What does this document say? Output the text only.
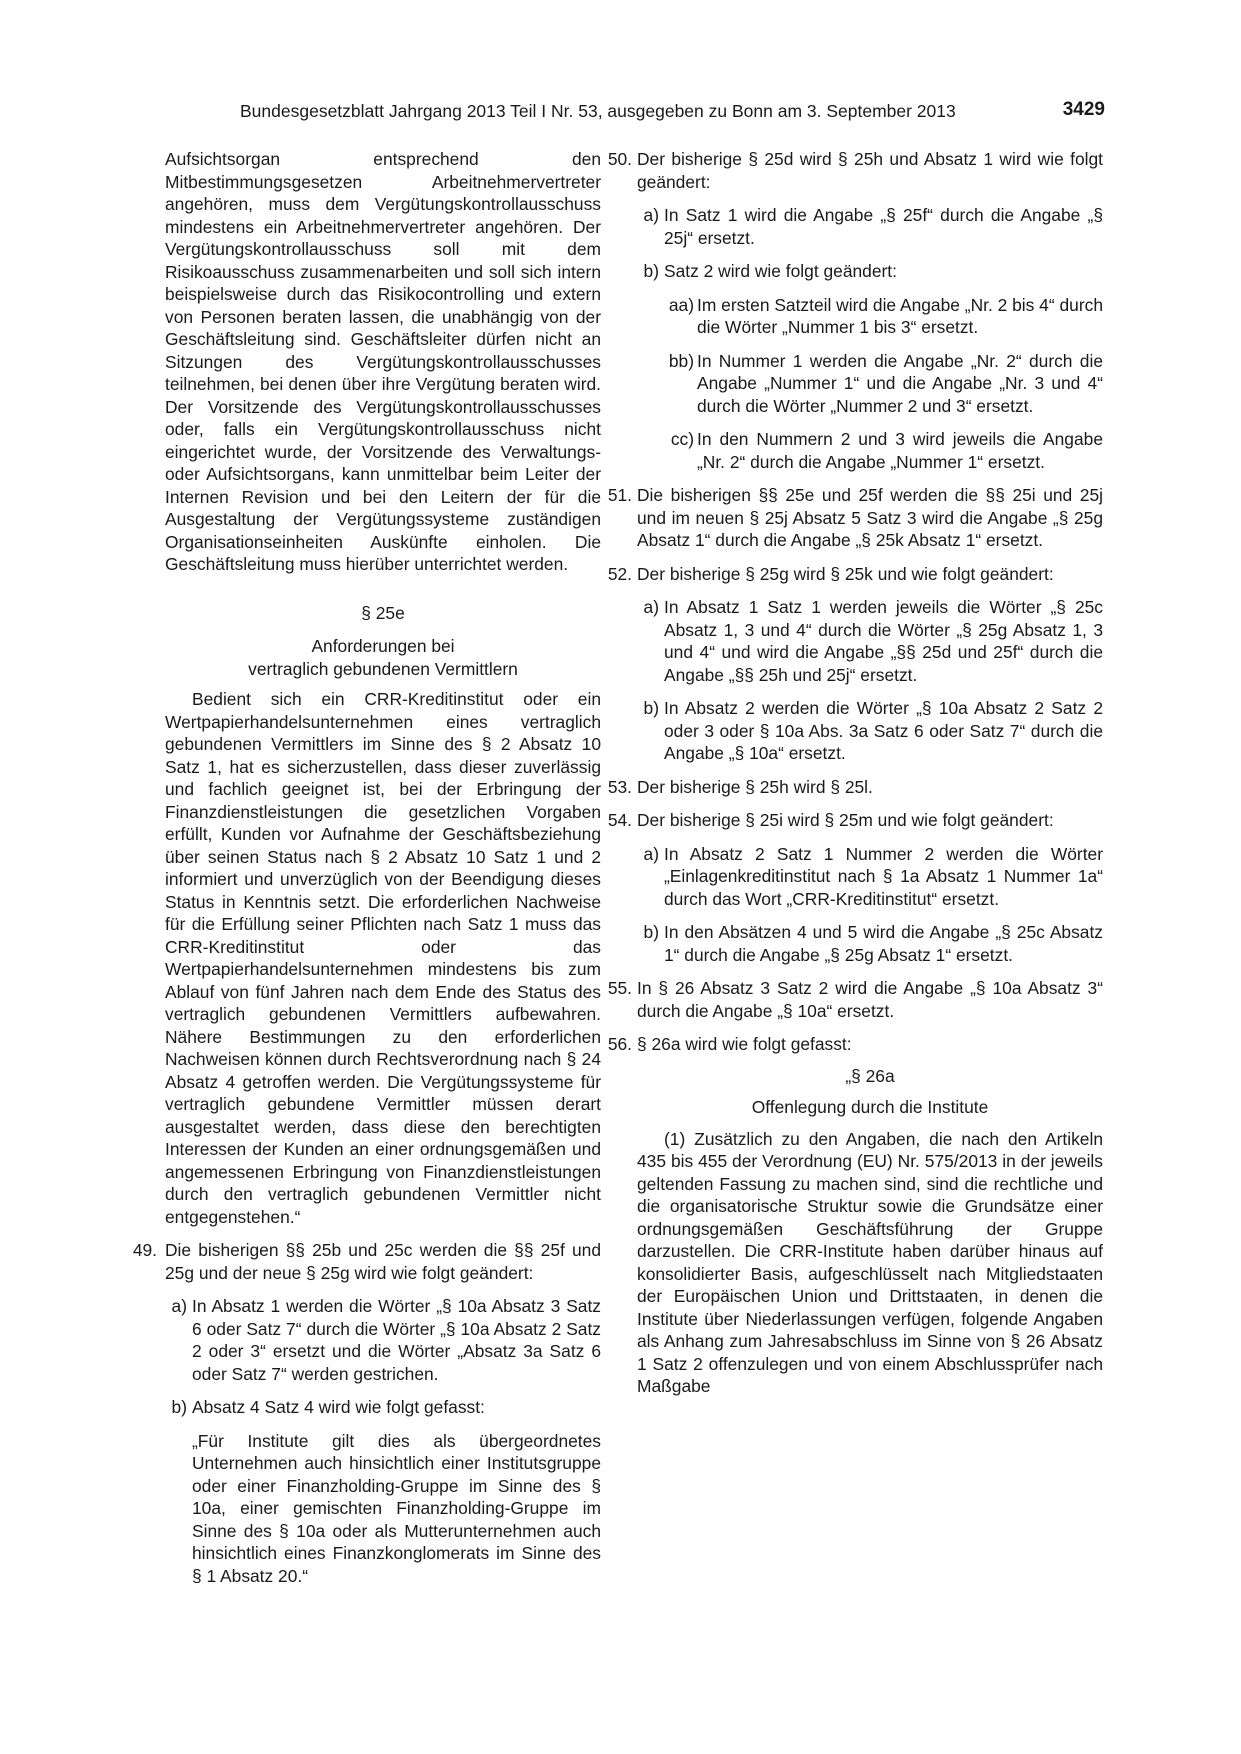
Bundesgesetzblatt Jahrgang 2013 Teil I Nr. 53, ausgegeben zu Bonn am 3. September 2013	3429

Aufsichtsorgan entsprechend den Mitbestimmungsgesetzen Arbeitnehmervertreter angehören, muss dem Vergütungskontrollausschuss mindestens ein Arbeitnehmervertreter angehören. Der Vergütungskontrollausschuss soll mit dem Risikoausschuss zusammenarbeiten und soll sich intern beispielsweise durch das Risikocontrolling und extern von Personen beraten lassen, die unabhängig von der Geschäftsleitung sind. Geschäftsleiter dürfen nicht an Sitzungen des Vergütungskontrollausschusses teilnehmen, bei denen über ihre Vergütung beraten wird. Der Vorsitzende des Vergütungskontrollausschusses oder, falls ein Vergütungskontrollausschuss nicht eingerichtet wurde, der Vorsitzende des Verwaltungs- oder Aufsichtsorgans, kann unmittelbar beim Leiter der Internen Revision und bei den Leitern der für die Ausgestaltung der Vergütungssysteme zuständigen Organisationseinheiten Auskünfte einholen. Die Geschäftsleitung muss hierüber unterrichtet werden.

§ 25e

Anforderungen bei

vertraglich gebundenen Vermittlern

Bedient sich ein CRR-Kreditinstitut oder ein Wertpapierhandelsunternehmen eines vertraglich gebundenen Vermittlers im Sinne des § 2 Absatz 10 Satz 1, hat es sicherzustellen, dass dieser zuverlässig und fachlich geeignet ist, bei der Erbringung der Finanzdienstleistungen die gesetzlichen Vorgaben erfüllt, Kunden vor Aufnahme der Geschäftsbeziehung über seinen Status nach § 2 Absatz 10 Satz 1 und 2 informiert und unverzüglich von der Beendigung dieses Status in Kenntnis setzt. Die erforderlichen Nachweise für die Erfüllung seiner Pflichten nach Satz 1 muss das CRR-Kreditinstitut oder das Wertpapierhandelsunternehmen mindestens bis zum Ablauf von fünf Jahren nach dem Ende des Status des vertraglich gebundenen Vermittlers aufbewahren. Nähere Bestimmungen zu den erforderlichen Nachweisen können durch Rechtsverordnung nach § 24 Absatz 4 getroffen werden. Die Vergütungssysteme für vertraglich gebundene Vermittler müssen derart ausgestaltet werden, dass diese den berechtigten Interessen der Kunden an einer ordnungsgemäßen und angemessenen Erbringung von Finanzdienstleistungen durch den vertraglich gebundenen Vermittler nicht entgegenstehen.“

49. Die bisherigen §§ 25b und 25c werden die §§ 25f und 25g und der neue § 25g wird wie folgt geändert:
a) In Absatz 1 werden die Wörter „§ 10a Absatz 3 Satz 6 oder Satz 7“ durch die Wörter „§ 10a Absatz 2 Satz 2 oder 3“ ersetzt und die Wörter „Absatz 3a Satz 6 oder Satz 7“ werden gestrichen.
b) Absatz 4 Satz 4 wird wie folgt gefasst:
„Für Institute gilt dies als übergeordnetes Unternehmen auch hinsichtlich einer Institutsgruppe oder einer Finanzholding-Gruppe im Sinne des § 10a, einer gemischten Finanzholding-Gruppe im Sinne des § 10a oder als Mutterunternehmen auch hinsichtlich eines Finanzkonglomerats im Sinne des § 1 Absatz 20.“
50. Der bisherige § 25d wird § 25h und Absatz 1 wird wie folgt geändert:
a) In Satz 1 wird die Angabe „§ 25f“ durch die Angabe „§ 25j“ ersetzt.
b) Satz 2 wird wie folgt geändert:
aa) Im ersten Satzteil wird die Angabe „Nr. 2 bis 4“ durch die Wörter „Nummer 1 bis 3“ ersetzt.
bb) In Nummer 1 werden die Angabe „Nr. 2“ durch die Angabe „Nummer 1“ und die Angabe „Nr. 3 und 4“ durch die Wörter „Nummer 2 und 3“ ersetzt.
cc) In den Nummern 2 und 3 wird jeweils die Angabe „Nr. 2“ durch die Angabe „Nummer 1“ ersetzt.
51. Die bisherigen §§ 25e und 25f werden die §§ 25i und 25j und im neuen § 25j Absatz 5 Satz 3 wird die Angabe „§ 25g Absatz 1“ durch die Angabe „§ 25k Absatz 1“ ersetzt.
52. Der bisherige § 25g wird § 25k und wie folgt geändert:
a) In Absatz 1 Satz 1 werden jeweils die Wörter „§ 25c Absatz 1, 3 und 4“ durch die Wörter „§ 25g Absatz 1, 3 und 4“ und wird die Angabe „§§ 25d und 25f“ durch die Angabe „§§ 25h und 25j“ ersetzt.
b) In Absatz 2 werden die Wörter „§ 10a Absatz 2 Satz 2 oder 3 oder § 10a Abs. 3a Satz 6 oder Satz 7“ durch die Angabe „§ 10a“ ersetzt.
53. Der bisherige § 25h wird § 25l.
54. Der bisherige § 25i wird § 25m und wie folgt geändert:
a) In Absatz 2 Satz 1 Nummer 2 werden die Wörter „Einlagenkreditinstitut nach § 1a Absatz 1 Nummer 1a“ durch das Wort „CRR-Kreditinstitut“ ersetzt.
b) In den Absätzen 4 und 5 wird die Angabe „§ 25c Absatz 1“ durch die Angabe „§ 25g Absatz 1“ ersetzt.
55. In § 26 Absatz 3 Satz 2 wird die Angabe „§ 10a Absatz 3“ durch die Angabe „§ 10a“ ersetzt.
56. § 26a wird wie folgt gefasst:

„§ 26a

Offenlegung durch die Institute

(1) Zusätzlich zu den Angaben, die nach den Artikeln 435 bis 455 der Verordnung (EU) Nr. 575/2013 in der jeweils geltenden Fassung zu machen sind, sind die rechtliche und die organisatorische Struktur sowie die Grundsätze einer ordnungsgemäßen Geschäftsführung der Gruppe darzustellen. Die CRR-Institute haben darüber hinaus auf konsolidierter Basis, aufgeschlüsselt nach Mitgliedstaaten der Europäischen Union und Drittstaaten, in denen die Institute über Niederlassungen verfügen, folgende Angaben als Anhang zum Jahresabschluss im Sinne von § 26 Absatz 1 Satz 2 offenzulegen und von einem Abschlussprüfer nach Maßgabe
